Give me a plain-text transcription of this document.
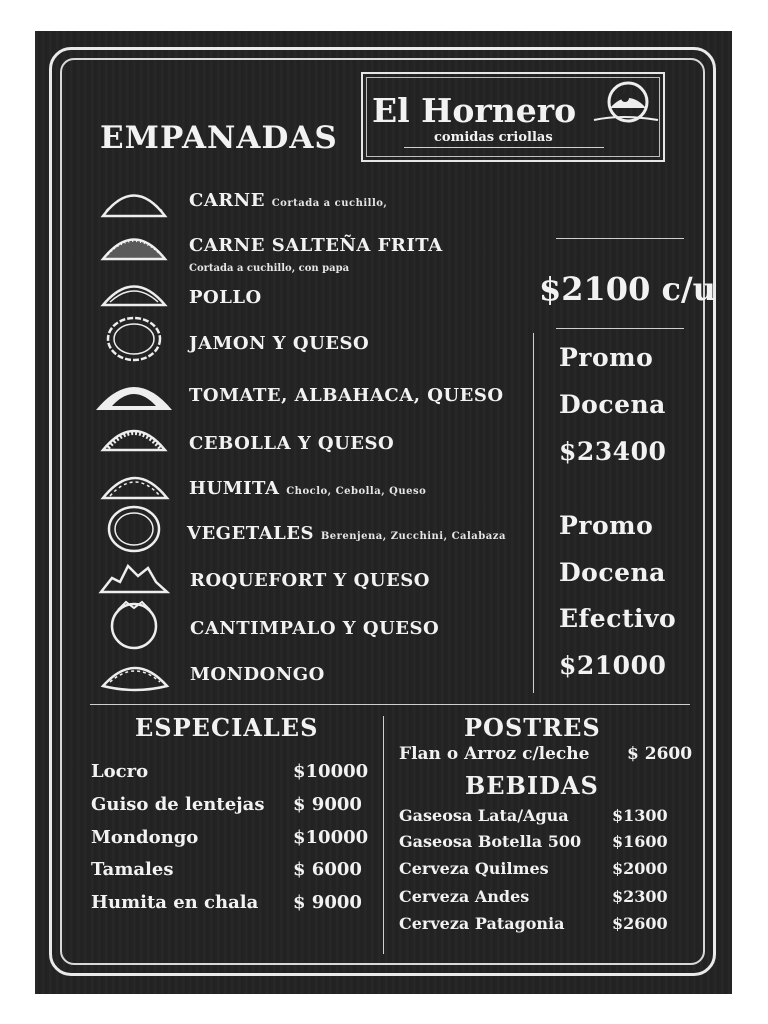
El Hornero
comidas criollas
EMPANADAS
CARNE Cortada a cuchillo,
CARNE SALTEÑA FRITA
Cortada a cuchillo, con papa
POLLO
JAMON Y QUESO
TOMATE, ALBAHACA, QUESO
CEBOLLA Y QUESO
HUMITA Choclo, Cebolla, Queso
VEGETALES Berenjena, Zucchini, Calabaza
ROQUEFORT Y QUESO
CANTIMPALO Y QUESO
MONDONGO
$2100 c/u
Promo
Docena
$23400
Promo
Docena
Efectivo
$21000
ESPECIALES
Locro	$10000
Guiso de lentejas $ 9000
Mondongo	$10000
Tamales	$ 6000
Humita en chala $ 9000
POSTRES
Flan o Arroz c/leche $ 2600
BEBIDAS
Gaseosa Lata/Agua	$1300
Gaseosa Botella 500 $1600
Cerveza Quilmes	$2000
Cerveza Andes	$2300
Cerveza Patagonia	$2600
